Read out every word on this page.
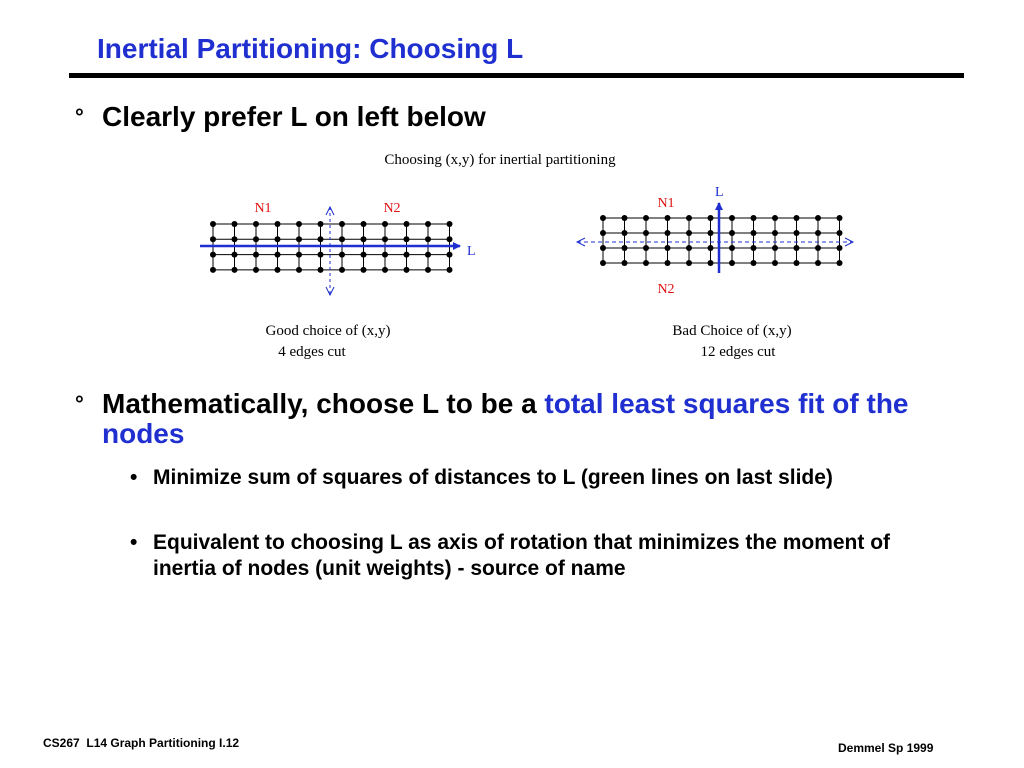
Inertial Partitioning: Choosing L
° Clearly prefer L on left below
Choosing (x,y) for inertial partitioning
N1	N2
L
Good choice of (x,y)
4 edges cut
N1
N2
L
Bad Choice of (x,y)
12 edges cut
° Mathematically, choose L to be a total least squares fit of the nodes
• Minimize sum of squares of distances to L (green lines on last slide)
• Equivalent to choosing L as axis of rotation that minimizes the moment of inertia of nodes (unit weights) - source of name
CS267  L14 Graph Partitioning I.12	Demmel Sp 1999
